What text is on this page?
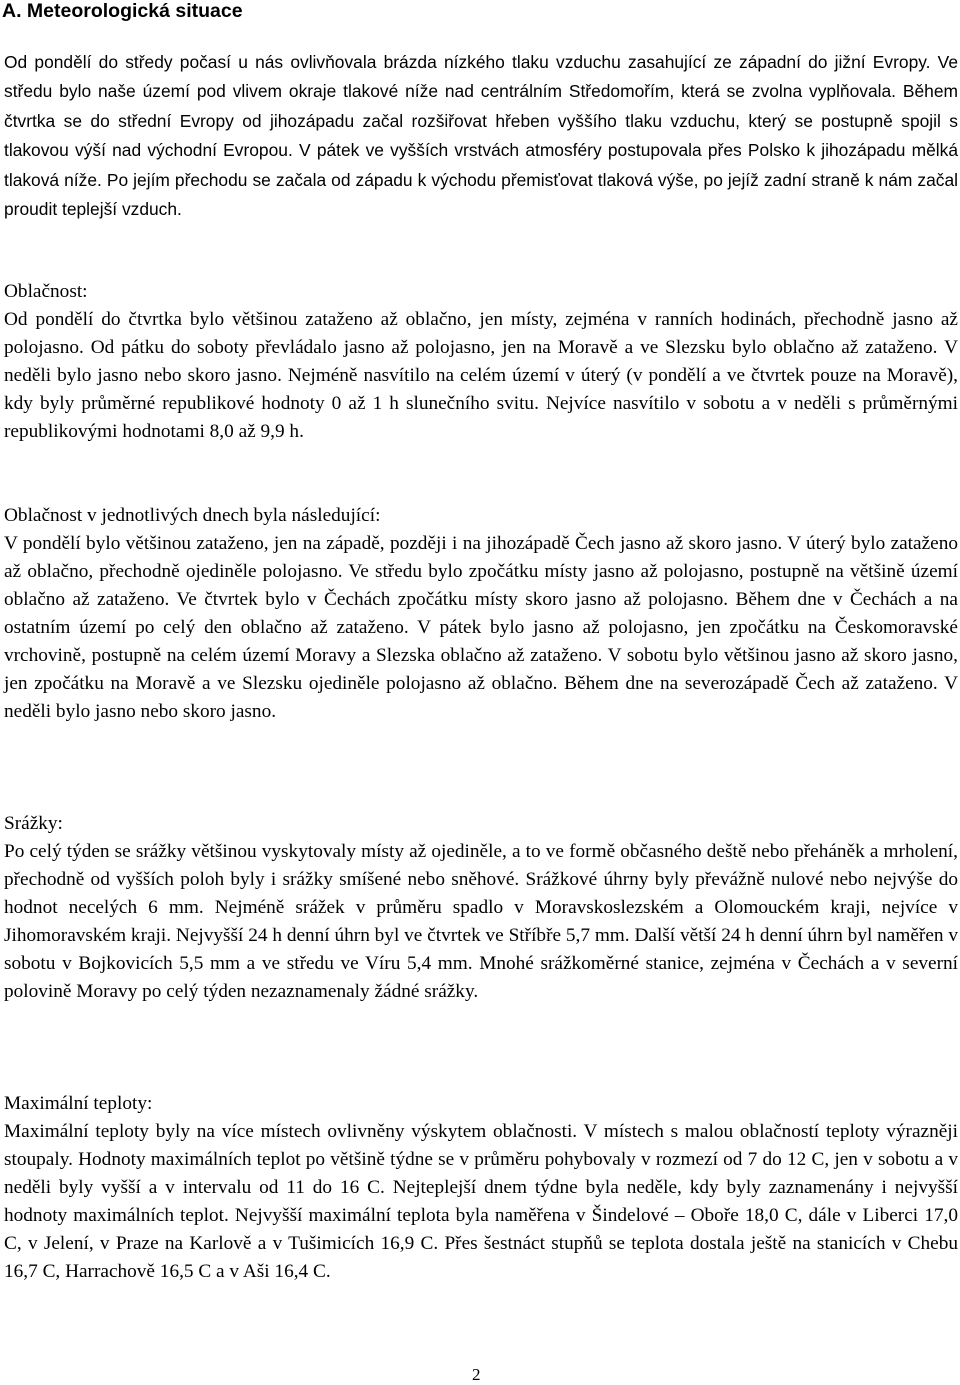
A. Meteorologická situace
Od pondělí do středy počasí u nás ovlivňovala brázda nízkého tlaku vzduchu zasahující ze západní do jižní Evropy. Ve středu bylo naše území pod vlivem okraje tlakové níže nad centrálním Středomořím, která se zvolna vyplňovala. Během čtvrtka se do střední Evropy od jihozápadu začal rozšiřovat hřeben vyššího tlaku vzduchu, který se postupně spojil s tlakovou výší nad východní Evropou. V pátek ve vyšších vrstvách atmosféry postupovala přes Polsko k jihozápadu mělká tlaková níže. Po jejím přechodu se začala od západu k východu přemisťovat tlaková výše, po jejíž zadní straně k nám začal proudit teplejší vzduch.
Oblačnost:
Od pondělí do čtvrtka bylo většinou zataženo až oblačno, jen místy, zejména v ranních hodinách, přechodně jasno až polojasno. Od pátku do soboty převládalo jasno až polojasno, jen na Moravě a ve Slezsku bylo oblačno až zataženo. V neděli bylo jasno nebo skoro jasno. Nejméně nasvítilo na celém území v úterý (v pondělí a ve čtvrtek pouze na Moravě), kdy byly průměrné republikové hodnoty 0 až 1 h slunečního svitu. Nejvíce nasvítilo v sobotu a v neděli s průměrnými republikovými hodnotami 8,0 až 9,9 h.
Oblačnost v jednotlivých dnech byla následující:
V pondělí bylo většinou zataženo, jen na západě, později i na jihozápadě Čech jasno až skoro jasno. V úterý bylo zataženo až oblačno, přechodně ojediněle polojasno. Ve středu bylo zpočátku místy jasno až polojasno, postupně na většině území oblačno až zataženo. Ve čtvrtek bylo v Čechách zpočátku místy skoro jasno až polojasno. Během dne v Čechách a na ostatním území po celý den oblačno až zataženo. V pátek bylo jasno až polojasno, jen zpočátku na Českomoravské vrchovině, postupně na celém území Moravy a Slezska oblačno až zataženo. V sobotu bylo většinou jasno až skoro jasno, jen zpočátku na Moravě a ve Slezsku ojediněle polojasno až oblačno. Během dne na severozápadě Čech až zataženo. V neděli bylo jasno nebo skoro jasno.
Srážky:
Po celý týden se srážky většinou vyskytovaly místy až ojediněle, a to ve formě občasného deště nebo přeháněk a mrholení, přechodně od vyšších poloh byly i srážky smíšené nebo sněhové. Srážkové úhrny byly převážně nulové nebo nejvýše do hodnot necelých 6 mm. Nejméně srážek v průměru spadlo v Moravskoslezském a Olomouckém kraji, nejvíce v Jihomoravském kraji. Nejvyšší 24 h denní úhrn byl ve čtvrtek ve Stříbře 5,7 mm. Další větší 24 h denní úhrn byl naměřen v sobotu v Bojkovicích 5,5 mm a ve středu ve Víru 5,4 mm. Mnohé srážkoměrné stanice, zejména v Čechách a v severní polovině Moravy po celý týden nezaznamenaly žádné srážky.
Maximální teploty:
Maximální teploty byly na více místech ovlivněny výskytem oblačnosti. V místech s malou oblačností teploty výrazněji stoupaly. Hodnoty maximálních teplot po většině týdne se v průměru pohybovaly v rozmezí od 7 do 12 C, jen v sobotu a v neděli byly vyšší a v intervalu od 11 do 16 C. Nejteplejší dnem týdne byla neděle, kdy byly zaznamenány i nejvyšší hodnoty maximálních teplot. Nejvyšší maximální teplota byla naměřena v Šindelové – Obořе 18,0 C, dále v Liberci 17,0 C, v Jelení, v Praze na Karlově a v Tušimicích 16,9 C. Přes šestnáct stupňů se teplota dostala ještě na stanicích v Chebu 16,7 C, Harrachově 16,5 C a v Aši 16,4 C.
2
